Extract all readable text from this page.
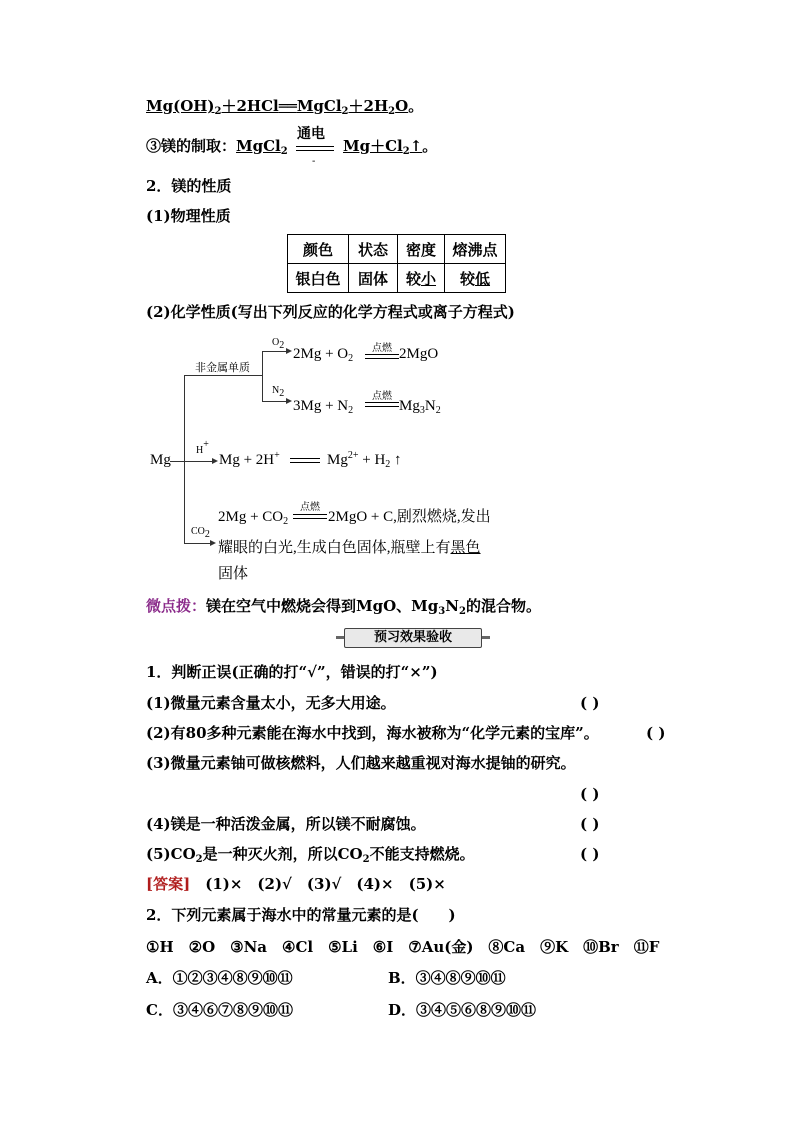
$Mg(OH)_2+2HCl══MgCl_2+2H_2O$。
③镁的制取：MgCl$_2$
通电
-
$Mg+Cl_2↑$。
2．镁的性质
(1)物理性质
颜色	状态	密度	熔沸点
银白色	固体	较小	较低
(2)化学性质(写出下列反应的化学方程式或离子方程式)
Mg
非金属单质
$O_2$
$2Mg + O_2$
点燃 2MgO
$N_2$
$3Mg + N_2$
点燃
$Mg_3N_2$
H+
Mg + 2H+	$Mg^{2+} + H_2$ ↑
$CO_2$
$2Mg + CO_2$
点燃
2MgO + C,剧烈燃烧,发出
耀眼的白光,生成白色固体,瓶壁上有黑色
固体
微点拨：镁在空气中燃烧会得到MgO、$Mg_3N_2$的混合物。
预习效果验收
1．判断正误(正确的打“√”，错误的打“×”)
(1)微量元素含量太小，无多大用途。	( )
(2)有80多种元素能在海水中找到，海水被称为“化学元素的宝库”。	( )
(3)微量元素铀可做核燃料，人们越来越重视对海水提铀的研究。
( )
(4)镁是一种活泼金属，所以镁不耐腐蚀。	( )
$(5)CO_2$是一种灭火剂，所以$CO_2$不能支持燃烧。	( )
[答案]　 (1)×　(2)√　(3)√　(4)×　(5)×
2．下列元素属于海水中的常量元素的是(　　)
①H　②O　③Na　④Cl　⑤Li　⑥I　⑦Au(金)　⑧Ca　⑨K　⑩Br　⑪F
A．①②③④⑧⑨⑩⑪	B．③④⑧⑨⑩⑪
C．③④⑥⑦⑧⑨⑩⑪	D．③④⑤⑥⑧⑨⑩⑪
